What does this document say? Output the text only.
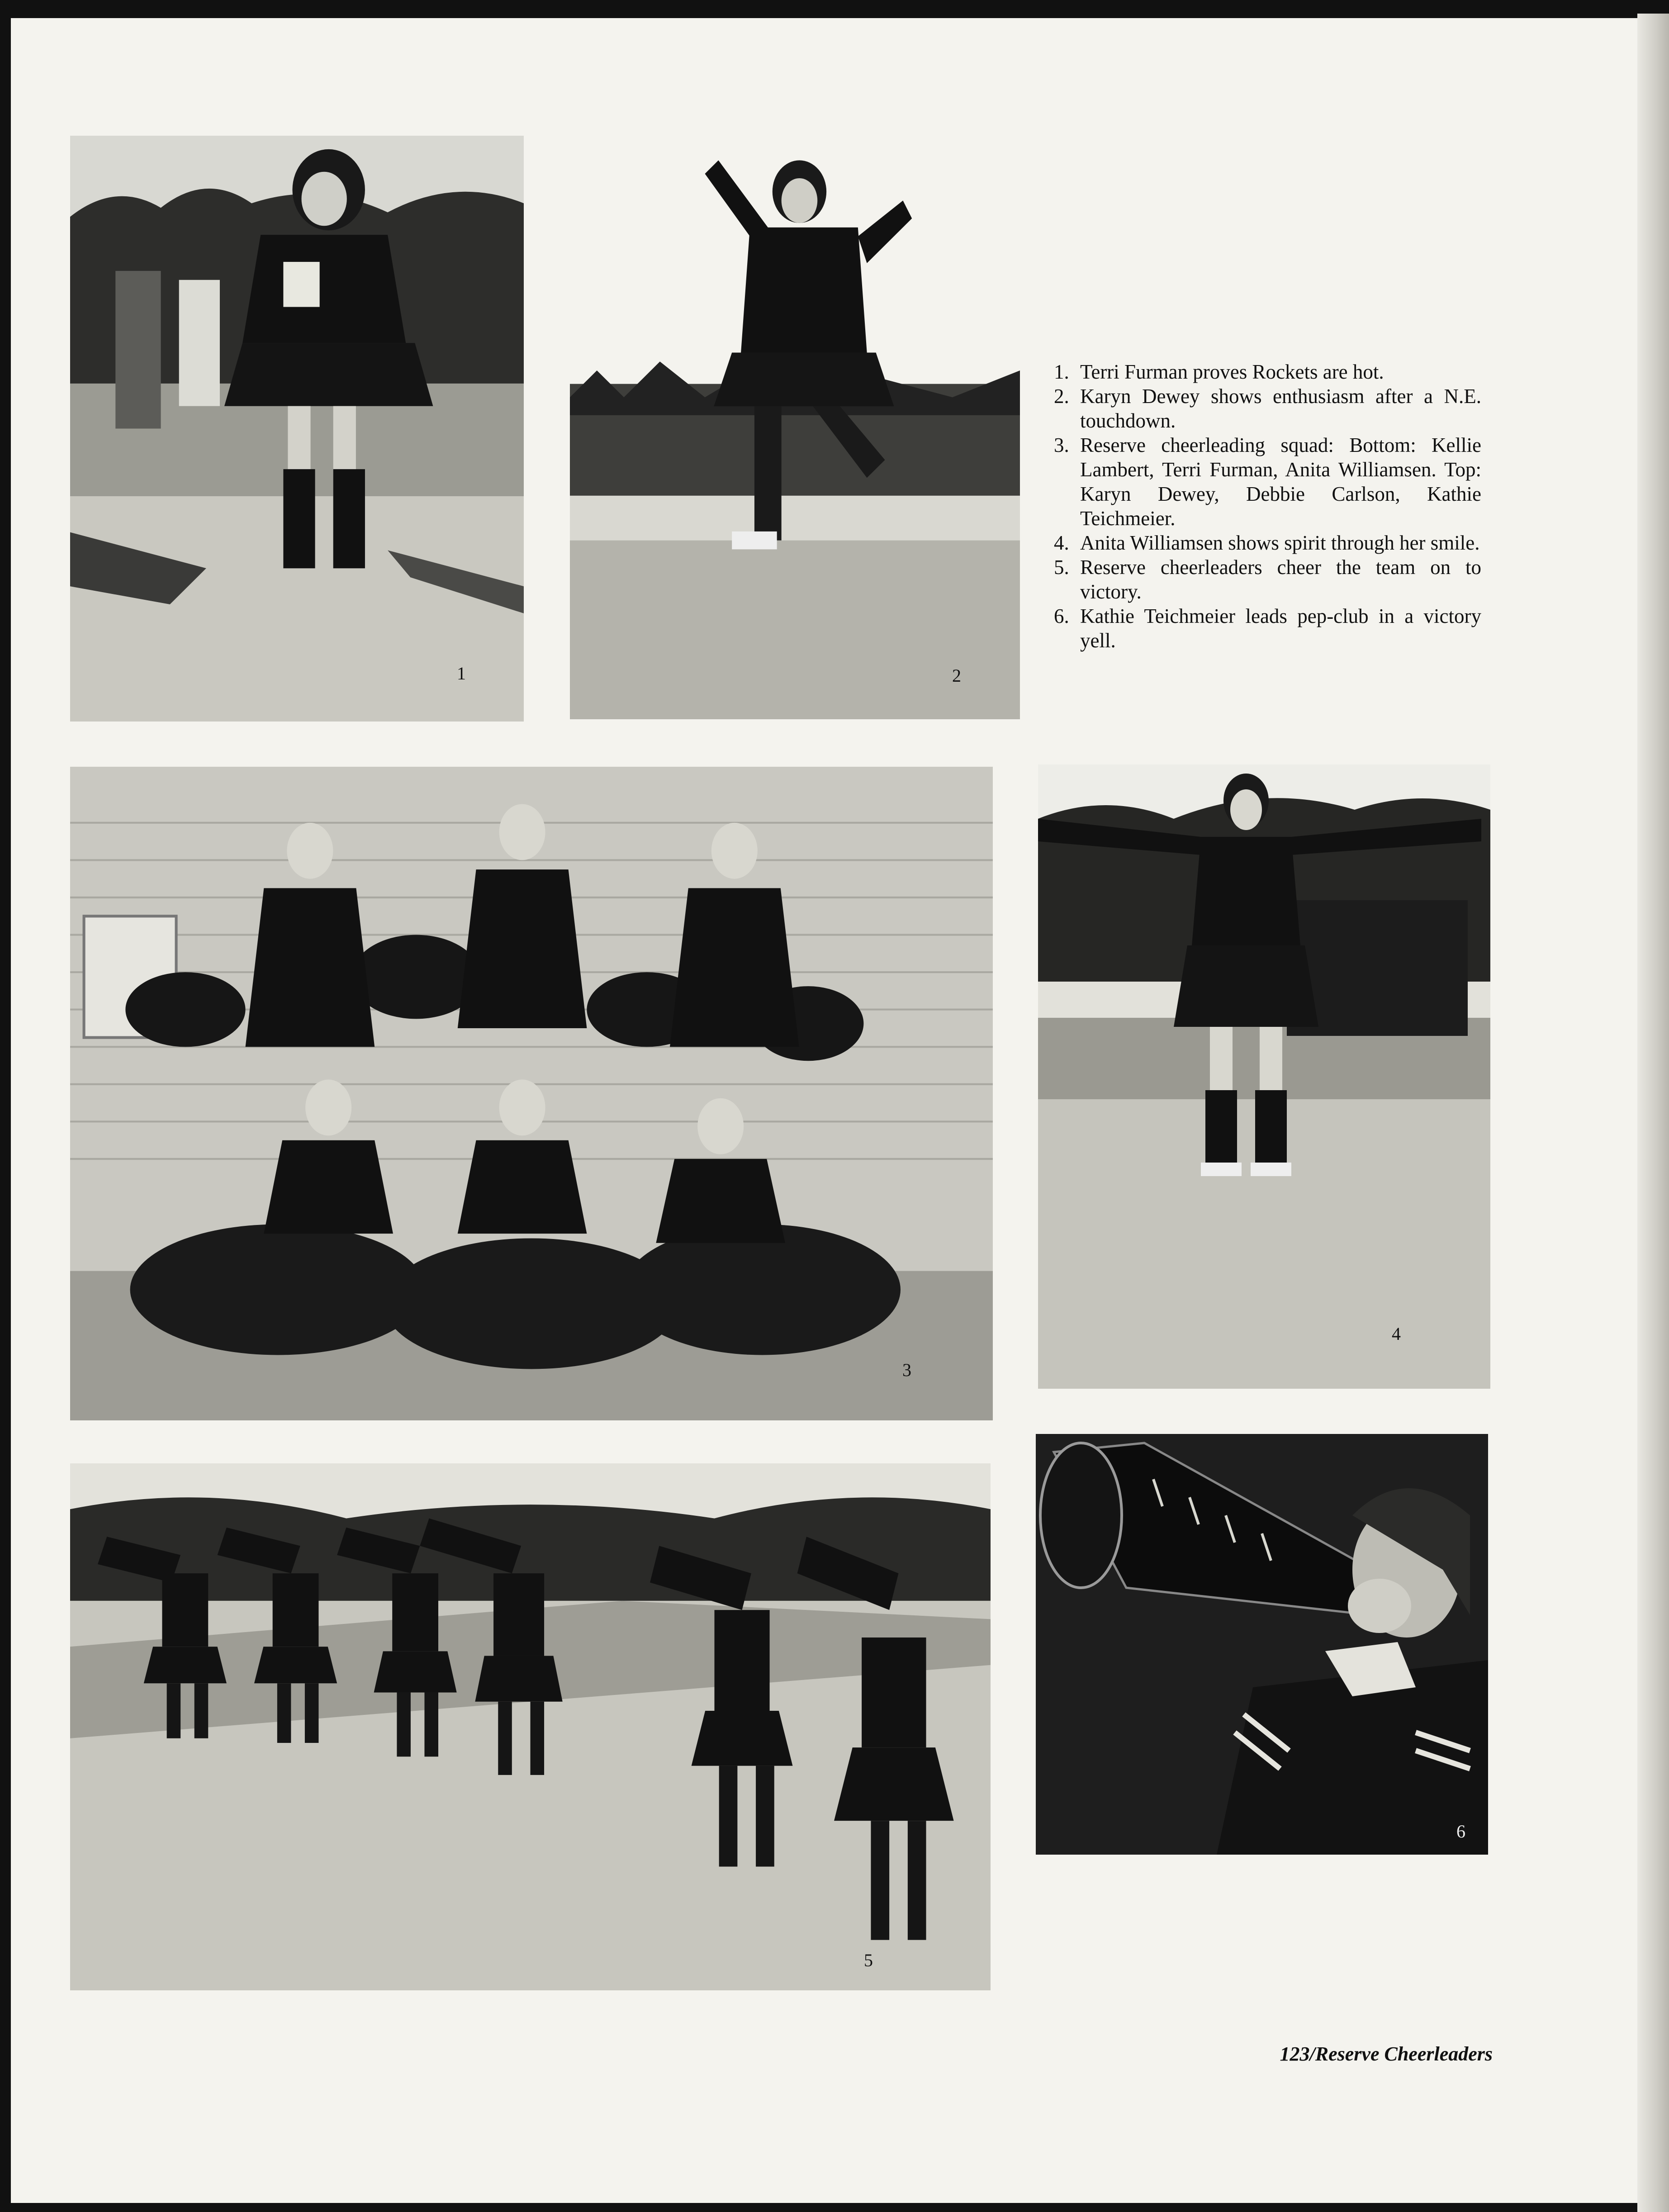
1	2
1. Terri Furman proves Rockets are hot.
2. Karyn Dewey shows enthusiasm after a N.E. touchdown.
3. Reserve cheerleading squad: Bottom: Kellie Lambert, Terri Furman, Anita Williamsen. Top: Karyn Dewey, Debbie Carlson, Kathie Teichmeier.
4. Anita Williamsen shows spirit through her smile.
5. Reserve cheerleaders cheer the team on to victory.
6. Kathie Teichmeier leads pep-club in a victory yell.
3
4
5
6
123/Reserve Cheerleaders
